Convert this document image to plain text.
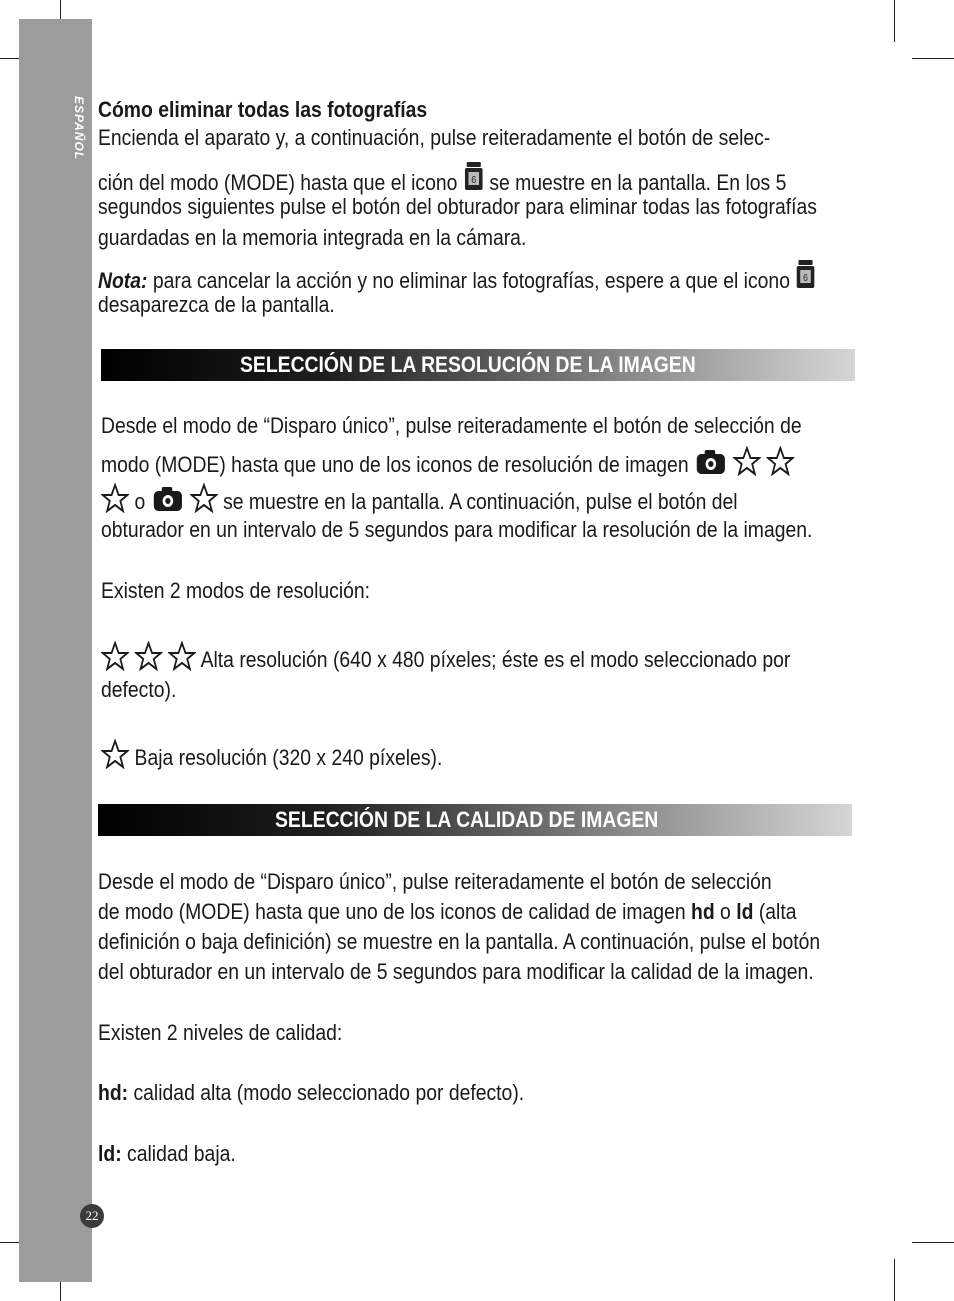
ESPAÑOL
22

Cómo eliminar todas las fotografías

Encienda el aparato y, a continuación, pulse reiteradamente el botón de selec-

ción del modo (MODE) hasta que el icono 6 se muestre en la pantalla. En los 5

segundos siguientes pulse el botón del obturador para eliminar todas las fotografías

guardadas en la memoria integrada en la cámara.

Nota: para cancelar la acción y no eliminar las fotografías, espere a que el icono 6

desaparezca de la pantalla.

SELECCIÓN DE LA RESOLUCIÓN DE LA IMAGEN

Desde el modo de “Disparo único”, pulse reiteradamente el botón de selección de

modo (MODE) hasta que uno de los iconos de resolución de imagen

o	se muestre en la pantalla. A continuación, pulse el botón del

obturador en un intervalo de 5 segundos para modificar la resolución de la imagen.

Existen 2 modos de resolución:

Alta resolución (640 x 480 píxeles; éste es el modo seleccionado por

defecto).

Baja resolución (320 x 240 píxeles).

SELECCIÓN DE LA CALIDAD DE IMAGEN

Desde el modo de “Disparo único”, pulse reiteradamente el botón de selección

de modo (MODE) hasta que uno de los iconos de calidad de imagen hd o ld (alta

definición o baja definición) se muestre en la pantalla. A continuación, pulse el botón

del obturador en un intervalo de 5 segundos para modificar la calidad de la imagen.

Existen 2 niveles de calidad:

hd: calidad alta (modo seleccionado por defecto).

ld: calidad baja.
